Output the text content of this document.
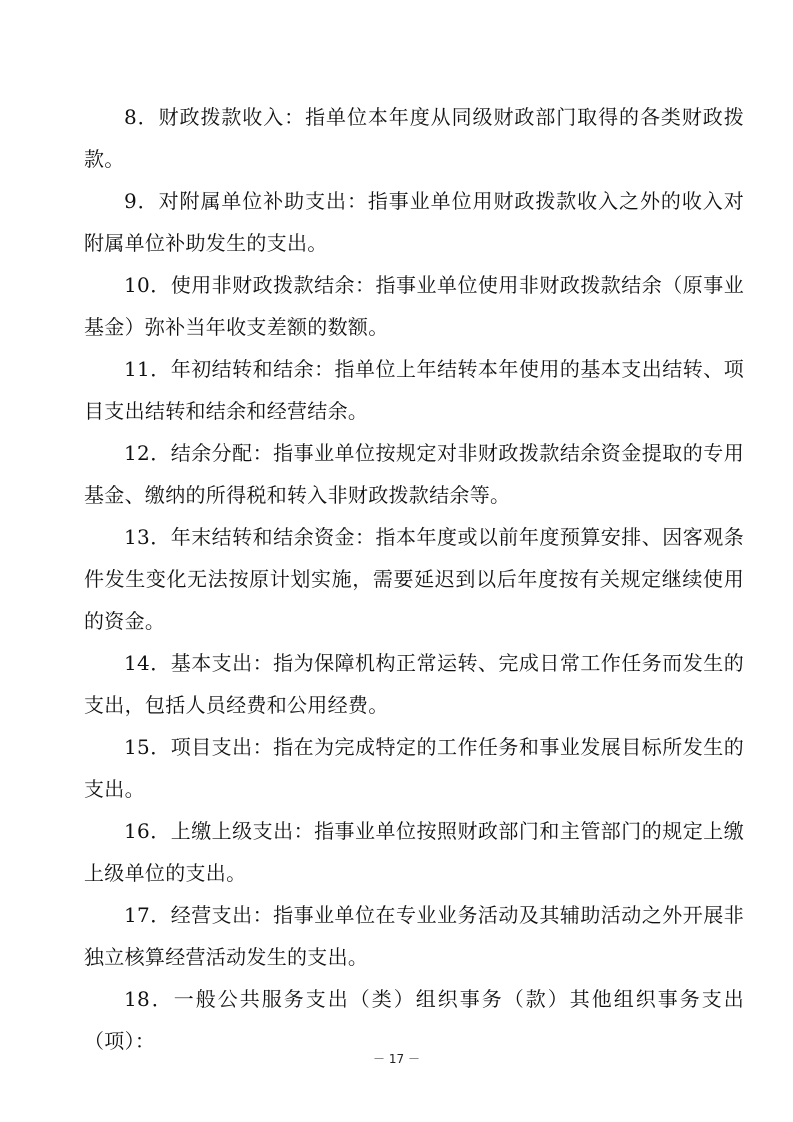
8．财政拨款收入：指单位本年度从同级财政部门取得的各类财政拨款。

9．对附属单位补助支出：指事业单位用财政拨款收入之外的收入对附属单位补助发生的支出。

10．使用非财政拨款结余：指事业单位使用非财政拨款结余（原事业基金）弥补当年收支差额的数额。

11．年初结转和结余：指单位上年结转本年使用的基本支出结转、项目支出结转和结余和经营结余。

12．结余分配：指事业单位按规定对非财政拨款结余资金提取的专用基金、缴纳的所得税和转入非财政拨款结余等。

13．年末结转和结余资金：指本年度或以前年度预算安排、因客观条件发生变化无法按原计划实施，需要延迟到以后年度按有关规定继续使用的资金。

14．基本支出：指为保障机构正常运转、完成日常工作任务而发生的支出，包括人员经费和公用经费。

15．项目支出：指在为完成特定的工作任务和事业发展目标所发生的支出。

16．上缴上级支出：指事业单位按照财政部门和主管部门的规定上缴上级单位的支出。

17．经营支出：指事业单位在专业业务活动及其辅助活动之外开展非独立核算经营活动发生的支出。

18．一般公共服务支出（类）组织事务（款）其他组织事务支出（项）：

－ 17 －
